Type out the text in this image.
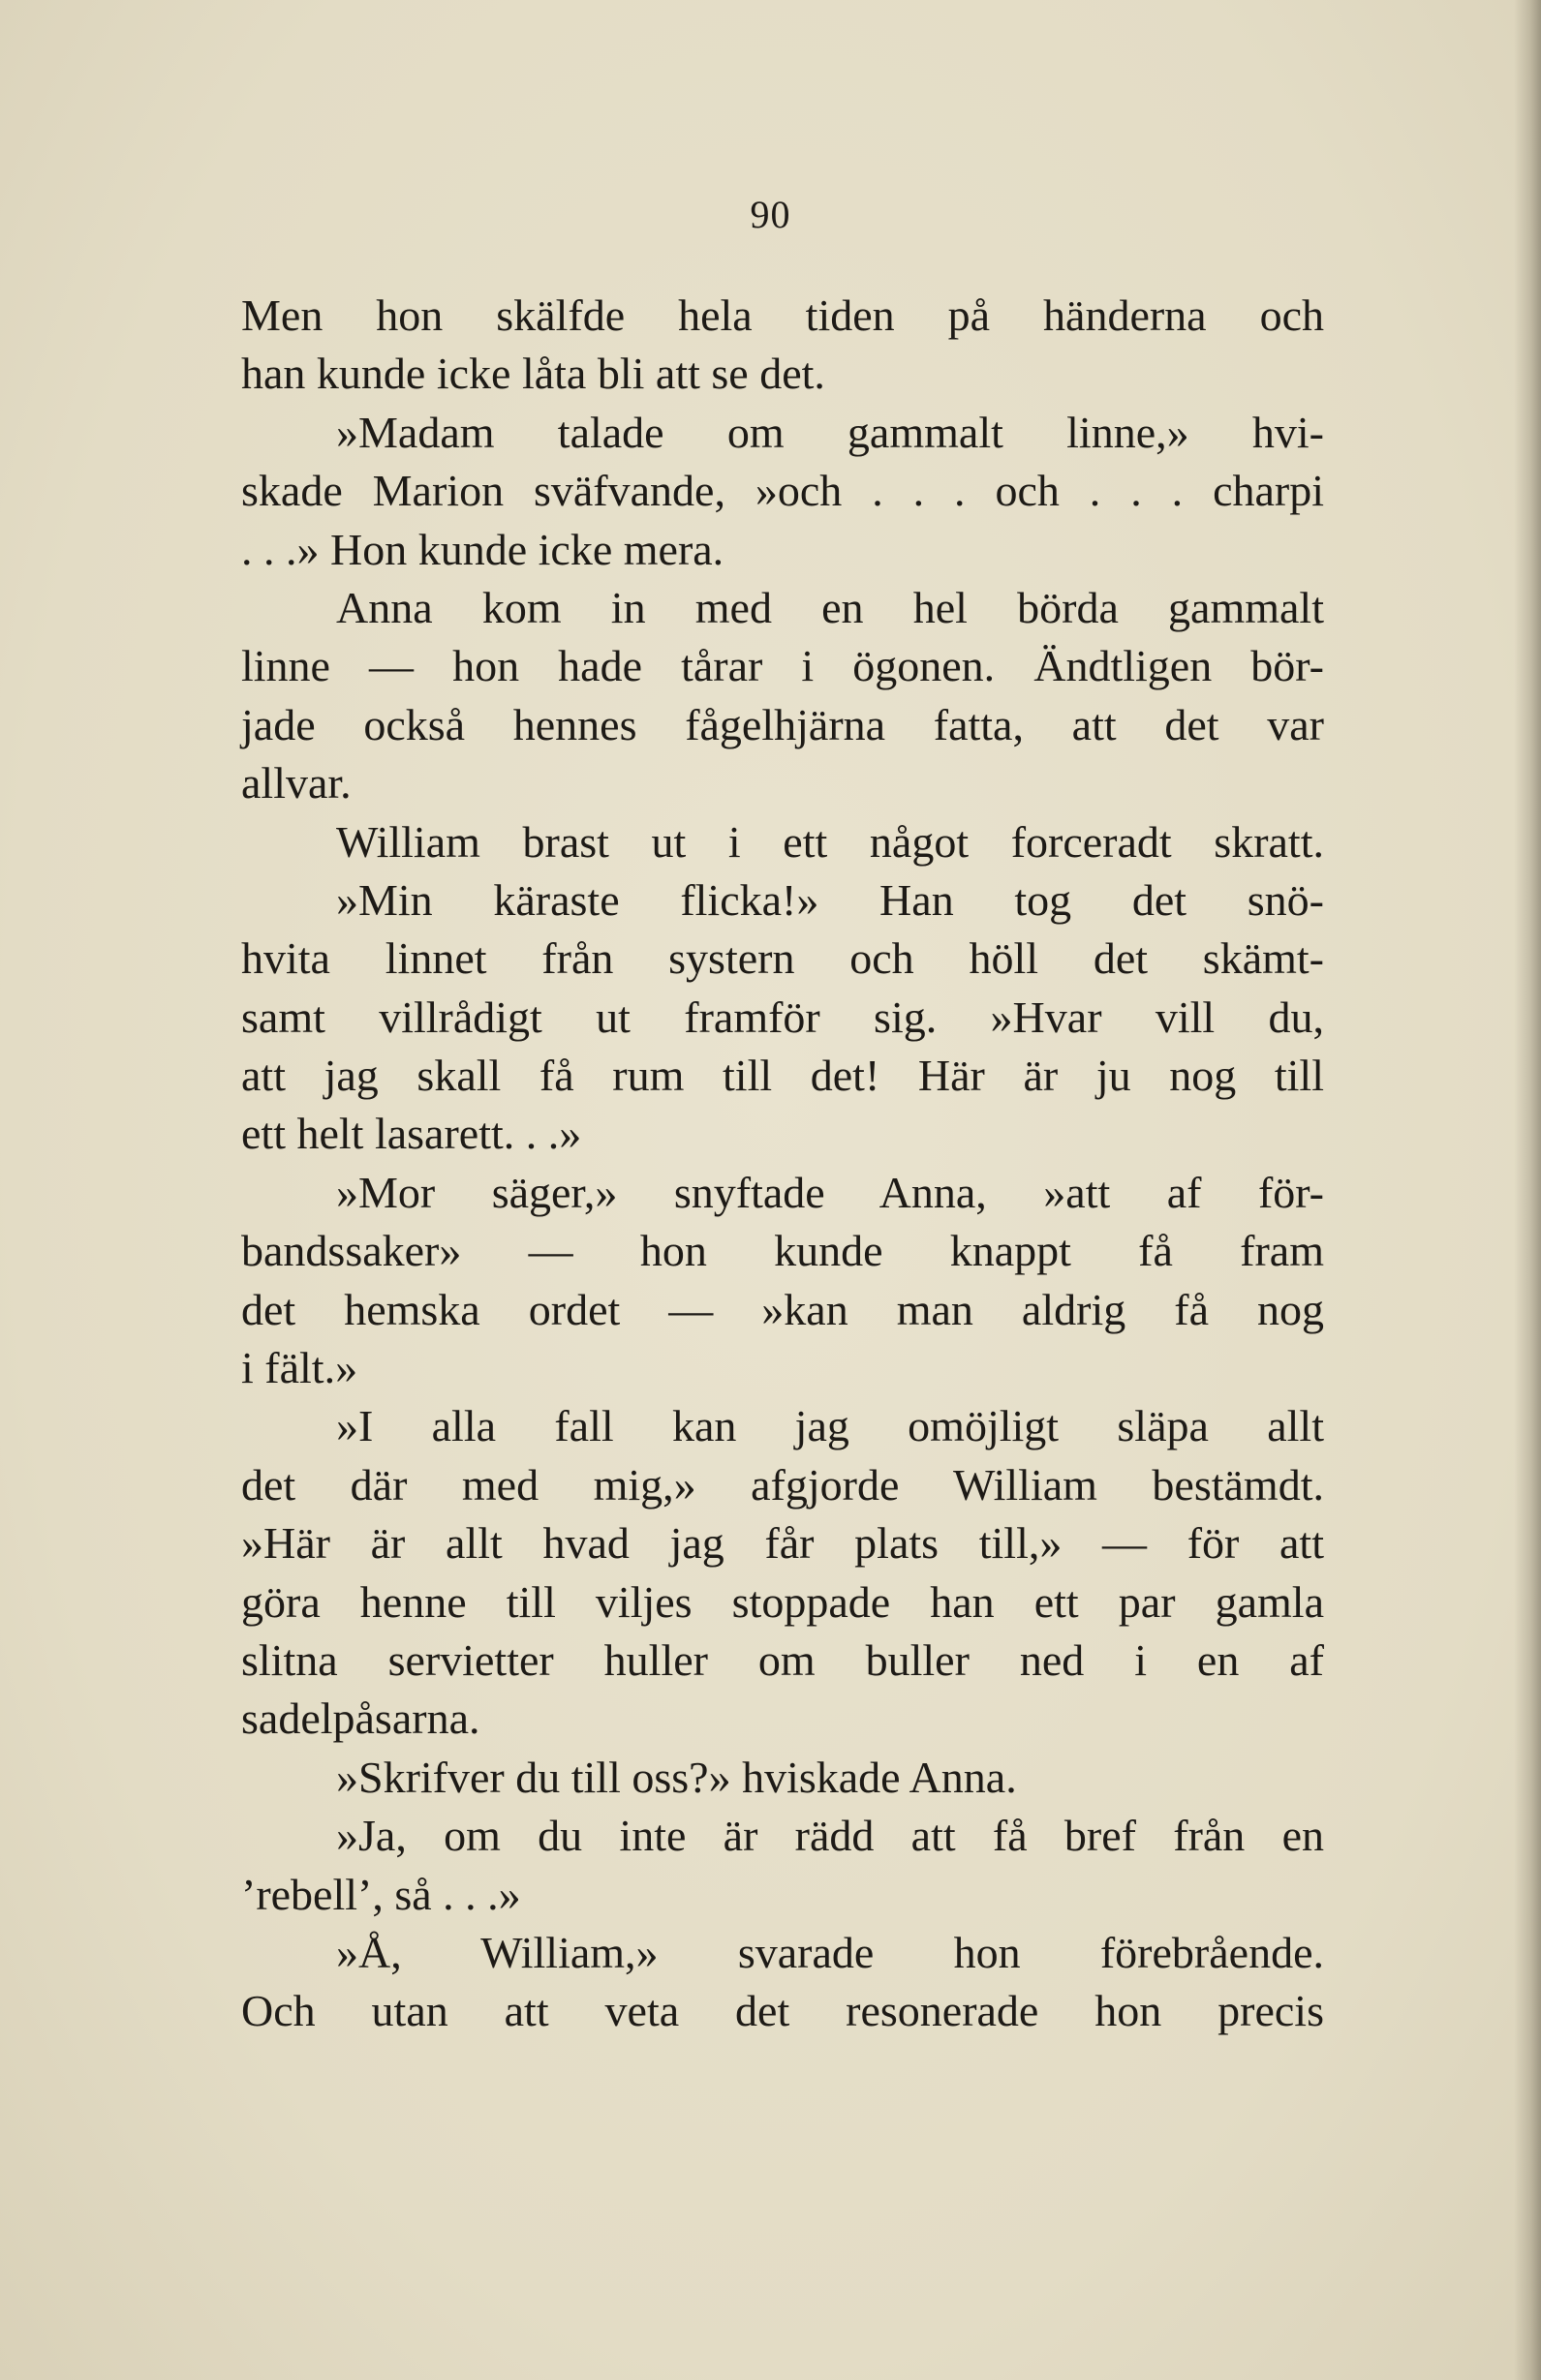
90
Men hon skälfde hela tiden på händerna och
han kunde icke låta bli att se det.
»Madam talade om gammalt linne,» hvi-
skade Marion sväfvande, »och . . . och . . . charpi
. . .» Hon kunde icke mera.
Anna kom in med en hel börda gammalt
linne — hon hade tårar i ögonen. Ändtligen bör-
jade också hennes fågelhjärna fatta, att det var
allvar.
William brast ut i ett något forceradt skratt.
»Min käraste flicka!» Han tog det snö-
hvita linnet från systern och höll det skämt-
samt villrådigt ut framför sig. »Hvar vill du,
att jag skall få rum till det! Här är ju nog till
ett helt lasarett. . .»
»Mor säger,» snyftade Anna, »att af för-
bandssaker» — hon kunde knappt få fram
det hemska ordet — »kan man aldrig få nog
i fält.»
»I alla fall kan jag omöjligt släpa allt
det där med mig,» afgjorde William bestämdt.
»Här är allt hvad jag får plats till,» — för att
göra henne till viljes stoppade han ett par gamla
slitna servietter huller om buller ned i en af
sadelpåsarna.
»Skrifver du till oss?» hviskade Anna.
»Ja, om du inte är rädd att få bref från en
’rebell’, så . . .»
»Å, William,» svarade hon förebrående.
Och utan att veta det resonerade hon precis
